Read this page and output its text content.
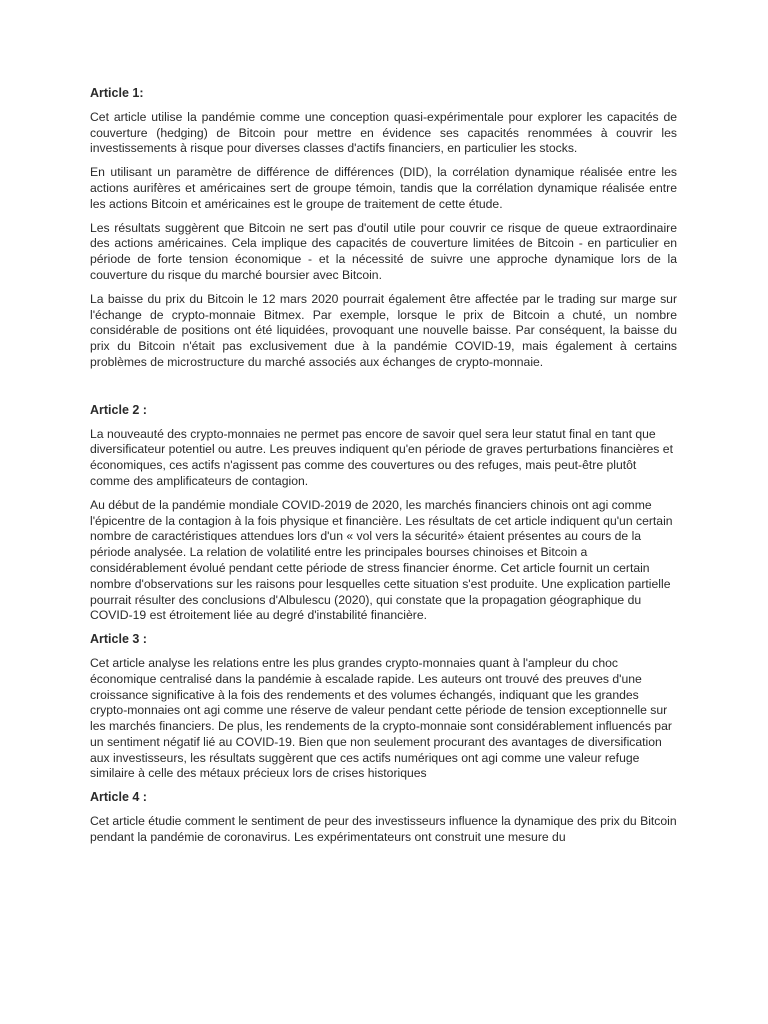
Article 1:

Cet article utilise la pandémie comme une conception quasi-expérimentale pour explorer les capacités de couverture (hedging) de Bitcoin pour mettre en évidence ses capacités renommées à couvrir les investissements à risque pour diverses classes d'actifs financiers, en particulier les stocks.

En utilisant un paramètre de différence de différences (DID), la corrélation dynamique réalisée entre les actions aurifères et américaines sert de groupe témoin, tandis que la corrélation dynamique réalisée entre les actions Bitcoin et américaines est le groupe de traitement de cette étude.

Les résultats suggèrent que Bitcoin ne sert pas d'outil utile pour couvrir ce risque de queue extraordinaire des actions américaines. Cela implique des capacités de couverture limitées de Bitcoin - en particulier en période de forte tension économique - et la nécessité de suivre une approche dynamique lors de la couverture du risque du marché boursier avec Bitcoin.

La baisse du prix du Bitcoin le 12 mars 2020 pourrait également être affectée par le trading sur marge sur l'échange de crypto-monnaie Bitmex. Par exemple, lorsque le prix de Bitcoin a chuté, un nombre considérable de positions ont été liquidées, provoquant une nouvelle baisse. Par conséquent, la baisse du prix du Bitcoin n'était pas exclusivement due à la pandémie COVID-19, mais également à certains problèmes de microstructure du marché associés aux échanges de crypto-monnaie.

Article 2 :

La nouveauté des crypto-monnaies ne permet pas encore de savoir quel sera leur statut final en tant que diversificateur potentiel ou autre. Les preuves indiquent qu'en période de graves perturbations financières et économiques, ces actifs n'agissent pas comme des couvertures ou des refuges, mais peut-être plutôt comme des amplificateurs de contagion.

Au début de la pandémie mondiale COVID-2019 de 2020, les marchés financiers chinois ont agi comme l'épicentre de la contagion à la fois physique et financière. Les résultats de cet article indiquent qu'un certain nombre de caractéristiques attendues lors d'un « vol vers la sécurité» étaient présentes au cours de la période analysée. La relation de volatilité entre les principales bourses chinoises et Bitcoin a considérablement évolué pendant cette période de stress financier énorme. Cet article fournit un certain nombre d'observations sur les raisons pour lesquelles cette situation s'est produite. Une explication partielle pourrait résulter des conclusions d'Albulescu (2020), qui constate que la propagation géographique du COVID-19 est étroitement liée au degré d'instabilité financière.

Article 3 :

Cet article analyse les relations entre les plus grandes crypto-monnaies quant à l'ampleur du choc économique centralisé dans la pandémie à escalade rapide. Les auteurs ont trouvé des preuves d'une croissance significative à la fois des rendements et des volumes échangés, indiquant que les grandes crypto-monnaies ont agi comme une réserve de valeur pendant cette période de tension exceptionnelle sur les marchés financiers. De plus, les rendements de la crypto-monnaie sont considérablement influencés par un sentiment négatif lié au COVID-19. Bien que non seulement procurant des avantages de diversification aux investisseurs, les résultats suggèrent que ces actifs numériques ont agi comme une valeur refuge similaire à celle des métaux précieux lors de crises historiques

Article 4 :

Cet article étudie comment le sentiment de peur des investisseurs influence la dynamique des prix du Bitcoin pendant la pandémie de coronavirus. Les expérimentateurs ont construit une mesure du
